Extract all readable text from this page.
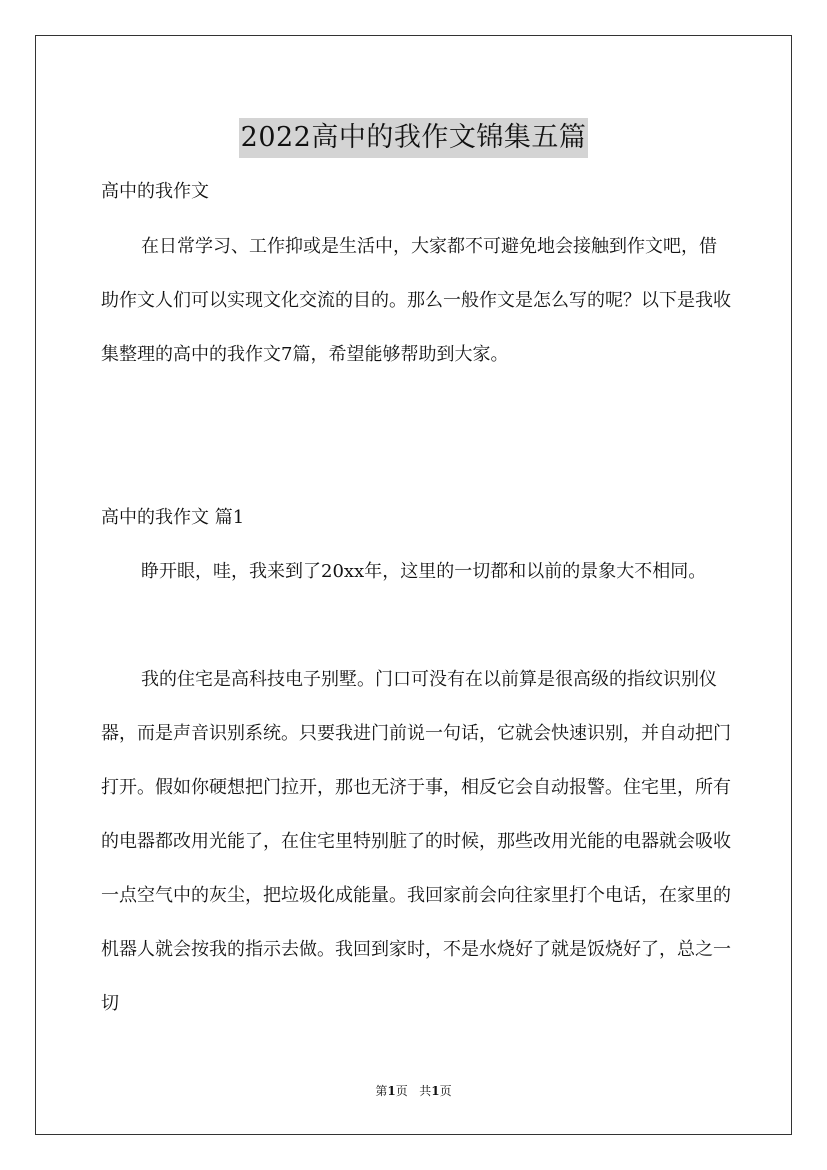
2022高中的我作文锦集五篇

高中的我作文

在日常学习、工作抑或是生活中，大家都不可避免地会接触到作文吧，借助作文人们可以实现文化交流的目的。那么一般作文是怎么写的呢？以下是我收集整理的高中的我作文7篇，希望能够帮助到大家。

高中的我作文 篇1

睁开眼，哇，我来到了20xx年，这里的一切都和以前的景象大不相同。

我的住宅是高科技电子别墅。门口可没有在以前算是很高级的指纹识别仪器，而是声音识别系统。只要我进门前说一句话，它就会快速识别，并自动把门打开。假如你硬想把门拉开，那也无济于事，相反它会自动报警。住宅里，所有的电器都改用光能了，在住宅里特别脏了的时候，那些改用光能的电器就会吸收一点空气中的灰尘，把垃圾化成能量。我回家前会向往家里打个电话，在家里的机器人就会按我的指示去做。我回到家时，不是水烧好了就是饭烧好了，总之一切

第1页 共1页
